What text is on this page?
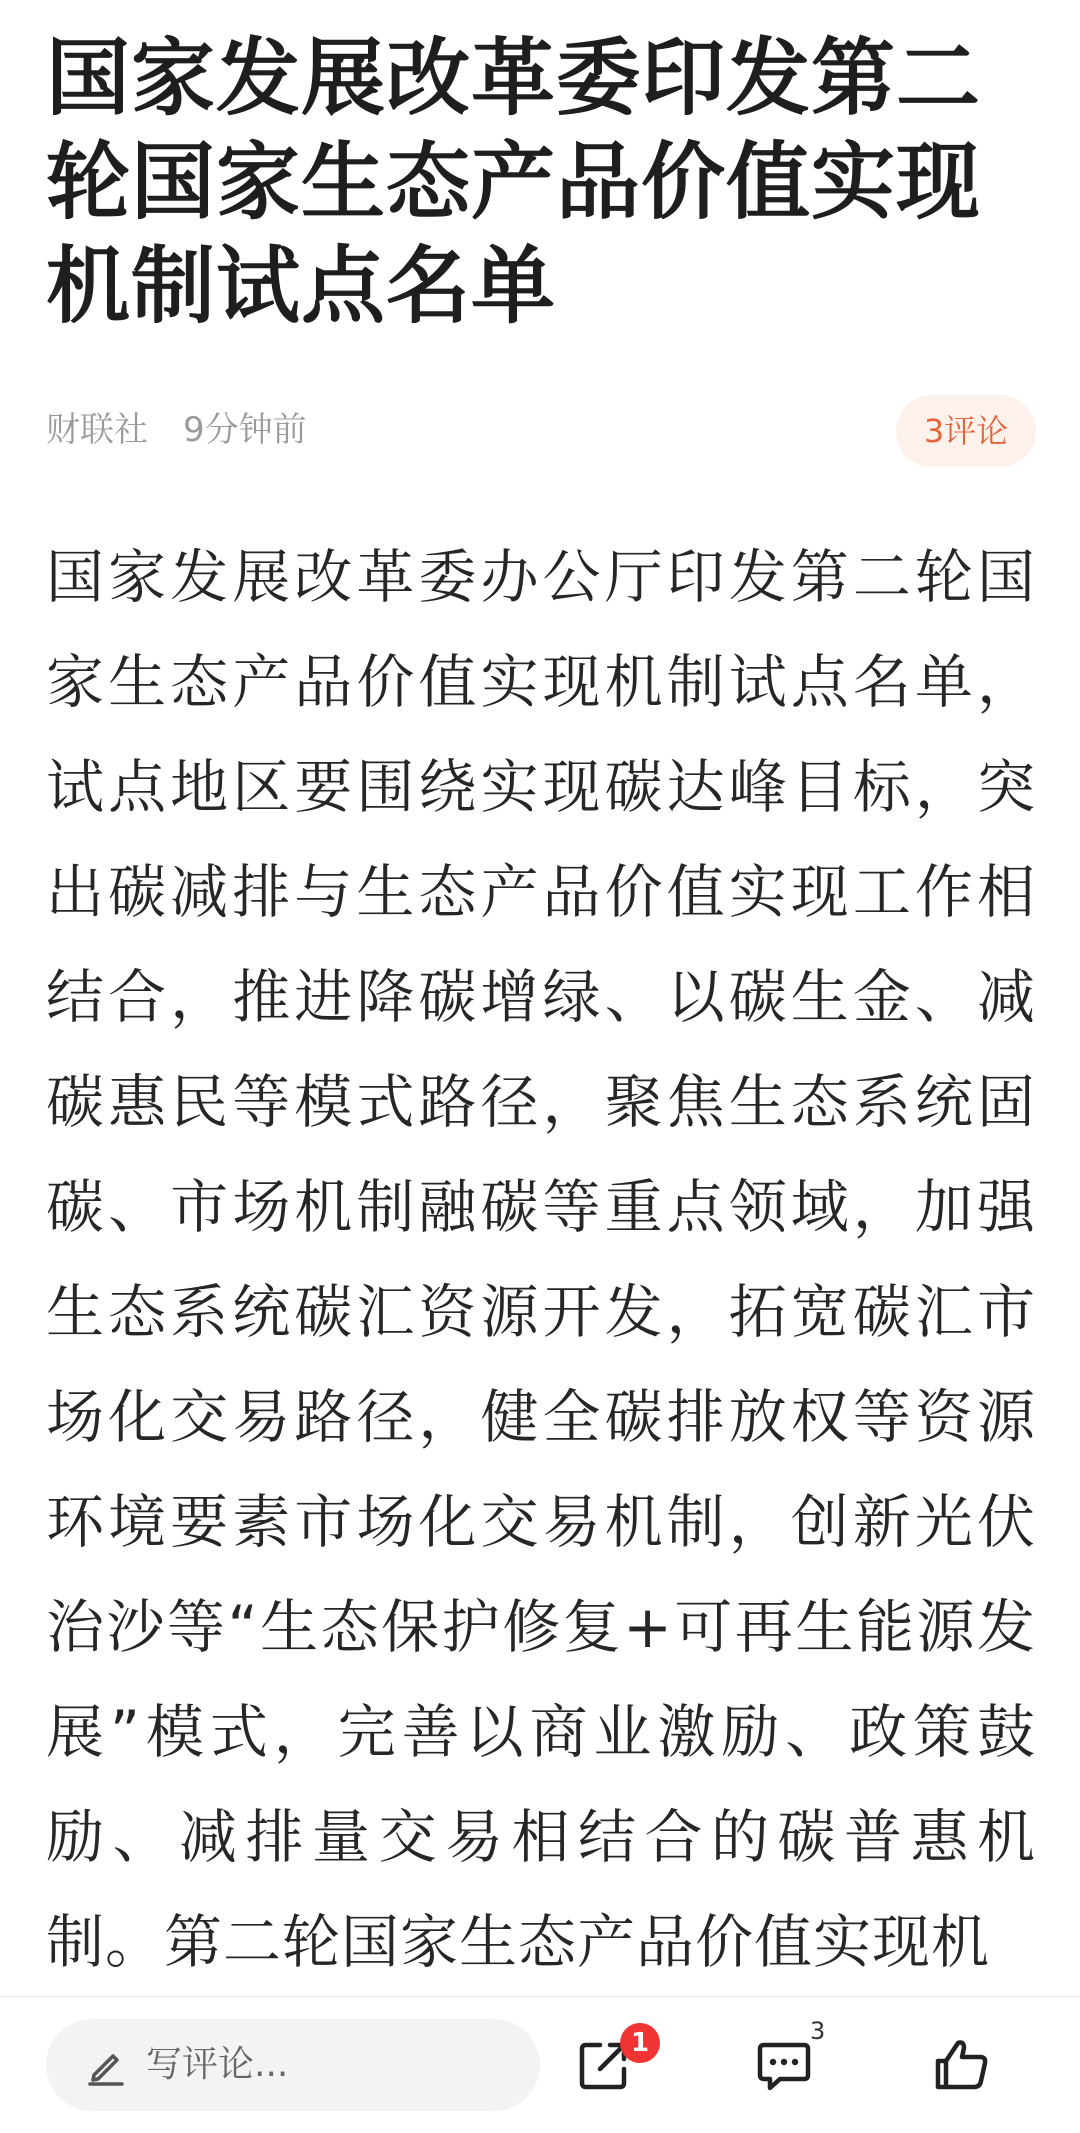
国家发展改革委印发第二轮国家生态产品价值实现机制试点名单
财联社 9分钟前	3评论

国家发展改革委办公厅印发第二轮国家生态产品价值实现机制试点名单，试点地区要围绕实现碳达峰目标，突出碳减排与生态产品价值实现工作相结合，推进降碳增绿、以碳生金、减碳惠民等模式路径，聚焦生态系统固碳、市场机制融碳等重点领域，加强生态系统碳汇资源开发，拓宽碳汇市场化交易路径，健全碳排放权等资源环境要素市场化交易机制，创新光伏治沙等“生态保护修复+可再生能源发展”模式，完善以商业激励、政策鼓励、减排量交易相结合的碳普惠机制。第二轮国家生态产品价值实现机

写评论...
1	3
